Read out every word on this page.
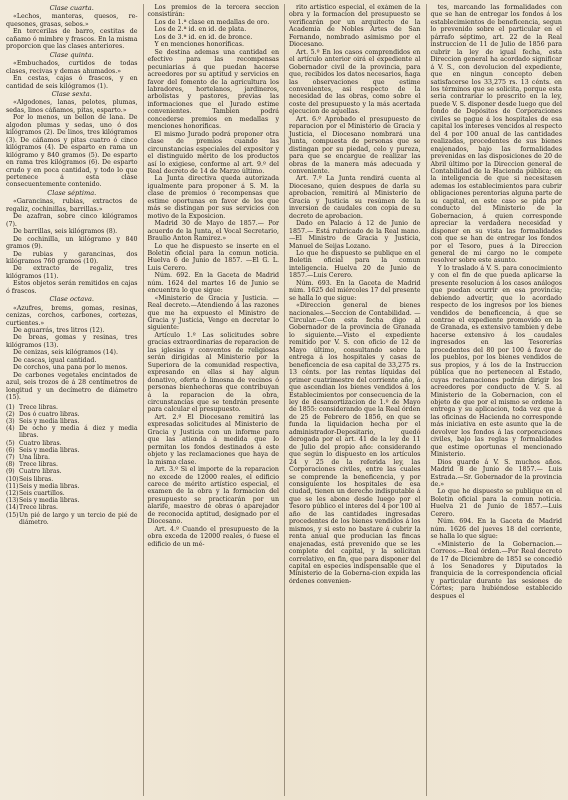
Clase cuarta.

«Lechos, manteras, quesos, re-quesones, grasas, sebos.»

En tercerilas de barro, cestitas de cañamo ó mimbre y frascos. En la misma proporcion que las clases anteriores.

Clase quinta.

«Embuchados, curtidos de todas clases, recivas y demas ahumados.»

En cestas, cajas ó frascos, y en cantidad de seis kilógramos (1).

Clase sexta.

«Algodones, lanas, pelotes, plumas, sedas, linos cáñamos, pitas, esparto.»

Por lo menos, un bellon de lana. De algodon plumas y sedas, uno ó dos kilógramos (2). De linos, tres kilógramos (3). De cáñamos y pitas cuatro ó cinco kilógramos (4). De esparto en rama un kilógramo y 840 gramos (5). De esparto en rama tres kilógramos (6). De esparto crudo y en poca cantidad, y todo lo que pertenece á esta clase consecuentemente contenido.

Clase séptima.

«Garancinas, rubias, extractos de regaliz, cochinillas, barrillas.»

De azafran, sobre cinco kilógramos (7).

De barrillas, seis kilógramos (8).

De cochinilla, un kilógramo y 840 gramos (9).

De rubias y garancinas, dos kilógramos 760 gramos (10).

De extracto de regaliz, tres kilógramos (11).

Estos objetos serán remitidos en cajas ó frascos.

Clase octava.

«Azufres, brems, gomas, resinas, cenizas, corchos, carbones, cortezas, curtientes.»

De aguarrás, tres litros (12).

De breas, gomas y resinas, tres kilógramos (13).

De cenizas, seis kilógramos (14).

De cascas, igual cantidad.

De corchos, una pana por lo menos.

De carbones vegetales encintados de azul, seis trozos de á 28 centímetros de longitud y un decímetro de diámetro (15).

(1) Trece libras.
(2) Dos ó cuatro libras.
(3) Seis y media libras.
(4) De ocho y media á diez y media libras.
(5) Cuatro libras.
(6) Seis y media libras.
(7) Una libra.
(8) Trece libras.
(9) Cuatro libras.
(10) Seis libras.
(11) Seis y media libras.
(12) Seis cuartillos.
(13) Seis y media libras.
(14) Trece libras.
(15) Un pié de largo y un tercio de pié de diámetro.

Los premios de la tercera seccion consistirán:

Los de 1.ª clase en medallas de oro.

Los de 2.ª id. en id. de plata.

Los de 3.ª id. en id. de bronce.

Y en menciones honoríficas.

Se destina ademas una cantidad en efectivo para las recompensas pecuniarias á que puedan hacerse acreedores por su aptitud y servicios en favor del fomento de la agricultura los labradores, hortelanos, jardineros, arbolistas y pastores, previas las informaciones que el Jurado estime convenientes. Tambien podrá concederse premios en medallas y menciones honoríficas.

El mismo Jurado podrá proponer otra clase de premios cuando las circunstancias especiales del expositor y el distinguido mérito de los productos así lo exigiese, conforme al art. 9.º del Real decreto de 14 de Marzo último.

La Junta directiva queda autorizada igualmente para proponer á S. M. la clase de premios ó recompensas que estime oportunas en favor de los que más se distingan por sus servicios con motivo de la Exposicion.

Madrid 30 de Mayo de 1857.— Por acuerdo de la Junta, el Vocal Secretario, Braulio Anton Ramirez.»

Lo que he dispuesto se inserte en el Boletin oficial para la comun noticia. Huelva 6 de Junio de 1857. —El G. L. Luis Cerero.

Núm. 692. En la Gaceta de Madrid núm. 1624 del martes 16 de Junio se encuentra lo que sigue:

«Ministerio de Gracia y Justicia. —Real decreto.—Atendiendo á las razones que me ha expuesto el Ministro de Gracia y Justicia, Vengo en decretar lo siguiente:

Artículo 1.º Las solicitudes sobre gracias extraordinarias de reparacion de las iglesias y conventos de religiosas serán dirigidas al Ministerio por la Superiora de la comunidad respectiva, expresando en ellas si hay algun donativo, oferta ó limosna de vecinos ó personas bienhechoras que contribuyan á la reparacion de la obra, circunstancias que se tendrán presente para calcular el presupuesto.

Art. 2.º El Diocesano remitirá las expresadas solicitudes al Ministerio de Gracia y Justicia con un informe para que las atienda á medida que lo permitan los fondos destinados á este objeto y las reclamaciones que haya de la misma clase.

Art. 3.º Si el importe de la reparacion no excede de 12000 reales, el edificio carece de mérito artístico especial, el examen de la obra y la formacion del presupuesto se practicarán por un alarife, maestro de obras ó aparejador de reconocida aptitud, designado por el Diocesano.

Art. 4.º Cuando el presupuesto de la obra exceda de 12000 reales, ó fuese el edificio de un mé-

rito artístico especial, el exámen de la obra y la formacion del presupuesto se verificarán por un arquitecto de la Academia de Nobles Artes de San Fernando, nombrado asimismo por el Diocesano.

Art. 5.º En los casos comprendidos en el artículo anterior oirá el expediente al Gobernador civil de la provincia, para que, recibidos los datos necesarios, haga las observaciones que estime convenientes, así respecto de la necesidad de las obras, como sobre el coste del presupuesto y la más acertada ejecucion de aquellas.

Art. 6.º Aprobado el presupuesto de reparacion por el Ministerio de Gracia y Justicia, el Diocesano nombrará una Junta, compuesta de personas que se distingan por su piedad, celo y pureza, para que se encargue de realizar las obras de la manera más adecuada y conveniente.

Art. 7.º La Junta rendirá cuenta al Diocesano, quien despues de darla su aprobacion, remitirá al Ministerio de Gracia y Justicia su resúmen de la inversion de caudales con copia de su decreto de aprobacion.

Dado en Palacio á 12 de Junio de 1857.— Está rubricado de la Real mano.—El Ministro de Gracia y Justicia, Manuel de Seijas Lozano.

Lo que he dispuesto se publique en el Boletin oficial para la comun inteligencia. Huelva 20 de Junio de 1857.—Luis Cerero.

Núm. 693. En la Gaceta de Madrid núm. 1625 del miércoles 17 del presente se halla lo que sigue:

«Direccion general de bienes nacionales.—Seccion de Contabilidad. —Circular.—Con esta fecha digo al Gobernador de la provincia de Granada lo siguiente.—Visto el expediente remitido por V. S. con oficio de 12 de Mayo último, consultando sobre la entrega á los hospitales y casas de beneficencia de esa capital de 33,275 rs. 13 cénts. por las rentas líquidas del primer cuatrimestre del corriente año, á que ascendian los bienes vendidos á los Establecimientos por consecuencia de la ley de desamortizacion de 1.º de Mayo de 1855: considerando que la Real órden de 25 de Febrero de 1856, en que se funda la liquidacion hecha por el administrador-Depositario, quedó derogada por el art. 41 de la ley de 11 de Julio del propio año: considerando que según lo dispuesto en los artículos 24 y 25 de la referida ley, las Corporaciones civiles, entre las cuales se comprende la beneficencia, y por consiguiente los hospitales de esa ciudad, tienen un derecho indisputable á que se les abone desde luego por el Tesoro público el interes del 4 por 100 al año de las cantidades ingresadas procedentes de los bienes vendidos á los mismos, y si esto no bastare á cubrir la renta anual que producian las fincas enajenadas, está prevenido que se les complete del capital, y la solicitan correlativo, en fin, que para disponer del capital en especies indispensable que el Ministerio de la Goberna-cion expida las órdenes convenien-

tes, marcando las formalidades con que se han de entregar los fondos á los establecimientos de beneficencia, segun lo prevenido sobre el particular en el párrafo séptimo, art. 22 de la Real instruccion de 11 de Julio de 1856 para cubrir la ley de igual fecha, esta Direccion general ha acordado significar á V. S., con devolucion del expediente, que en ningun concepto deben satisfacerse los 33,275 rs. 13 cénts. en los términos que se solicita, porque esta seria contrariar lo prescrito en la ley, puede V. S. disponer desde luego que del fondo de Depósitos de Corporaciones civiles se pague á los hospitales de esa capital los intereses vencidos al respecto del 4 por 100 anual de las cantidades realizadas, procedentes de sus bienes enajenados, bajo las formalidades prevenidas en las disposiciones de 20 de Abril último por la Direccion general de Contabilidad de la Hacienda pública; en la inteligencia de que si necesitasen ademas los establecimientos para cubrir obligaciones perentorias alguna parte de su capital, en este caso se pida por conducto del Ministerio de la Gobernacion, á quien corresponde apreciar la verdadera necesidad y disponer en su vista las formalidades con que se han de entregar los fondos por el Tesoro, pues á la Direccion general de mi cargo no le compete resolver sobre este asunto.

Y lo traslado á V. S. para conocimiento y con el fin de que pueda aplicarse la presente resolucion á los casos análogos que puedan ocurrir en esa provincia; debiendo advertir, que lo acordado respecto de los ingresos por los bienes vendidos de beneficencia, á que se contrae el expediente promovido en la de Granada, es extensivo tambien y debe hacerse extensivo á los caudales ingresados en las Tesorerías procedentes del 80 por 100 á favor de los pueblos, por los bienes vendidos de sus propios, y á los de la Instruccion pública que no pertenecen al Estado, cuyas reclamaciones podrán dirigir los acreedores por conducto de V. S. al Ministerio de la Gobernacion, con el objeto de que por el mismo se ordene la entrega y su aplicacion, toda vez que á las oficinas de Hacienda no corresponde más iniciativa en este asunto que la de devolver los fondos á las corporaciones civiles, bajo las reglas y formalidades que estime oportunas el mencionado Ministerio.

Dios guarde á V. S. muchos años. Madrid 8 de Junio de 1857.— Luis Estrada.—Sr. Gobernador de la provincia de.»

Lo que he dispuesto se publique en el Boletin oficial para la comun noticia. Huelva 21 de Junio de 1857.—Luis Cerero.

Núm. 694. En la Gaceta de Madrid núm. 1626 del jueves 18 del corriente, se halla lo que sigue:

«Ministerio de la Gobernacion.— Correos.—Real órden.—Por Real decreto de 17 de Diciembre de 1851 se concedió á los Senadores y Diputados la franquicia de la correspondencia oficial y particular durante las sesiones de Córtes; para hubiéndose establecido despues el
